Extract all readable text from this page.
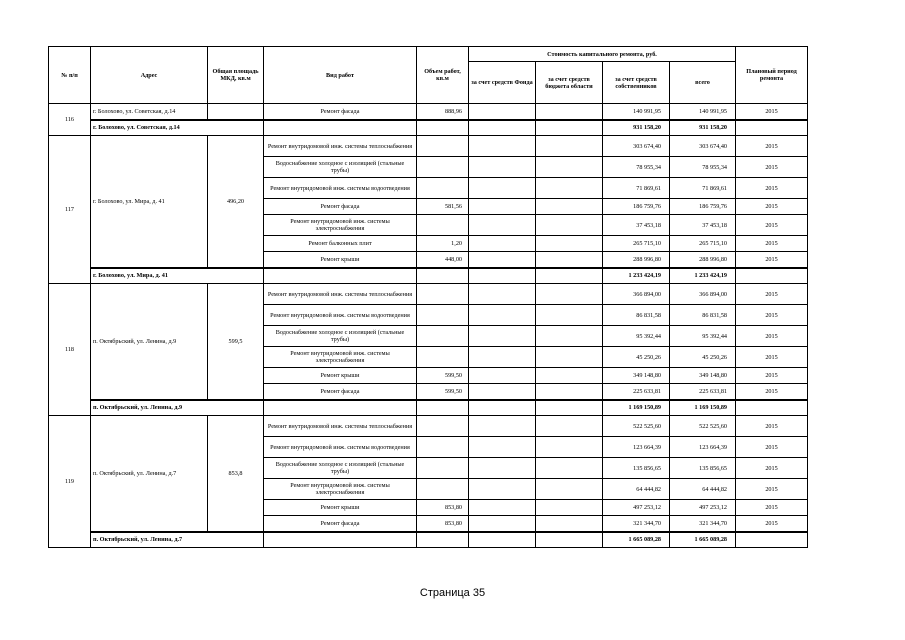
№ п/п	Адрес	Общая площадь МКД, кв.м	Вид работ	Объем работ, кв.м	Стоимость капитального ремонта, руб.				Плановый период ремонта
					за счет средств Фонда	за счет средств бюджета области	за счет средств собственников	всего	
116	г. Болохово, ул. Советская, д.14		Ремонт фасада	888,96			140 991,95	140 991,95	2015
	г. Болохово, ул. Советская, д.14						931 158,20	931 158,20	
117	г. Болохово, ул. Мира, д. 41	496,20	Ремонт внутридомовой инж. системы теплоснабжения				303 674,40	303 674,40	2015
			Водоснабжение холодное с изоляцией (стальные трубы)				78 955,34	78 955,34	2015
			Ремонт внутридомовой инж. системы водоотведения				71 869,61	71 869,61	2015
			Ремонт фасада	581,56			186 759,76	186 759,76	2015
			Ремонт внутридомовой инж. системы электроснабжения				37 453,18	37 453,18	2015
			Ремонт балконных плит	1,20			265 715,10	265 715,10	2015
			Ремонт крыши	448,00			288 996,80	288 996,80	2015
	г. Болохово, ул. Мира, д. 41						1 233 424,19	1 233 424,19	
118	п. Октябрьский, ул. Ленина, д.9	599,5	Ремонт внутридомовой инж. системы теплоснабжения				366 894,00	366 894,00	2015
			Ремонт внутридомовой инж. системы водоотведения				86 831,58	86 831,58	2015
			Водоснабжение холодное с изоляцией (стальные трубы)				95 392,44	95 392,44	2015
			Ремонт внутридомовой инж. системы электроснабжения				45 250,26	45 250,26	2015
			Ремонт крыши	599,50			349 148,80	349 148,80	2015
			Ремонт фасада	599,50			225 633,81	225 633,81	2015
	п. Октябрьский, ул. Ленина, д.9						1 169 150,89	1 169 150,89	
119	п. Октябрьский, ул. Ленина, д.7	853,8	Ремонт внутридомовой инж. системы теплоснабжения				522 525,60	522 525,60	2015
			Ремонт внутридомовой инж. системы водоотведения				123 664,39	123 664,39	2015
			Водоснабжение холодное с изоляцией (стальные трубы)				135 856,65	135 856,65	2015
			Ремонт внутридомовой инж. системы электроснабжения				64 444,82	64 444,82	2015
			Ремонт крыши	853,80			497 253,12	497 253,12	2015
			Ремонт фасада	853,80			321 344,70	321 344,70	2015
	п. Октябрьский, ул. Ленина, д.7						1 665 089,28	1 665 089,28	
Страница 35
